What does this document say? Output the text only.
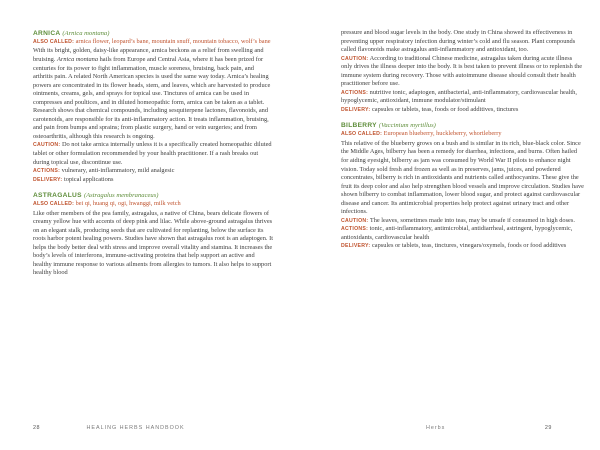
ARNICA (Arnica montana)

ALSO CALLED: arnica flower, leopard’s bane, mountain snuff, mountain tobacco, wolf’s bane

With its bright, golden, daisy-like appearance, arnica beckons as a relief from swelling and bruising. Arnica montana hails from Europe and Central Asia, where it has been prized for centuries for its power to fight inflammation, muscle soreness, bruising, back pain, and arthritis pain. A related North American species is used the same way today. Arnica’s healing powers are concentrated in its flower heads, stem, and leaves, which are harvested to produce ointments, creams, gels, and sprays for topical use. Tinctures of arnica can be used in compresses and poultices, and in diluted homeopathic form, arnica can be taken as a tablet. Research shows that chemical compounds, including sesquiterpene lactones, flavonoids, and carotenoids, are responsible for its anti-inflammatory action. It treats inflammation, bruising, and pain from bumps and sprains; from plastic surgery, hand or vein surgeries; and from osteoarthritis, although this research is ongoing.

CAUTION: Do not take arnica internally unless it is a specifically created homeopathic diluted tablet or other formulation recommended by your health practitioner. If a rash breaks out during topical use, discontinue use.

ACTIONS: vulnerary, anti-inflammatory, mild analgesic

DELIVERY: topical applications

ASTRAGALUS (Astragalus membranaceus)

ALSO CALLED: bei qi, huang qi, ogi, hwanggi, milk vetch

Like other members of the pea family, astragalus, a native of China, bears delicate flowers of creamy yellow hue with accents of deep pink and lilac. While above-ground astragalus thrives on an elegant stalk, producing seeds that are cultivated for replanting, below the surface its roots harbor potent healing powers. Studies have shown that astragalus root is an adaptogen. It helps the body better deal with stress and improve overall vitality and stamina. It increases the body’s levels of interferons, immune-activating proteins that help support an active and healthy immune response to various ailments from allergies to tumors. It also helps to support healthy blood

28	HEALING HERBS HANDBOOK

pressure and blood sugar levels in the body. One study in China showed its effectiveness in preventing upper respiratory infection during winter’s cold and flu season. Plant compounds called flavonoids make astragalus anti-inflammatory and antioxidant, too.

CAUTION: According to traditional Chinese medicine, astragalus taken during acute illness only drives the illness deeper into the body. It is best taken to prevent illness or to replenish the immune system during recovery. Those with autoimmune disease should consult their health practitioner before use.

ACTIONS: nutritive tonic, adaptogen, antibacterial, anti-inflammatory, cardiovascular health, hypoglycemic, antioxidant, immune modulator/stimulant

DELIVERY: capsules or tablets, teas, foods or food additives, tinctures

BILBERRY (Vaccinium myrtillus)

ALSO CALLED: European blueberry, huckleberry, whortleberry

This relative of the blueberry grows on a bush and is similar in its rich, blue-black color. Since the Middle Ages, bilberry has been a remedy for diarrhea, infections, and burns. Often hailed for aiding eyesight, bilberry as jam was consumed by World War II pilots to enhance night vision. Today sold fresh and frozen as well as in preserves, jams, juices, and powdered concentrates, bilberry is rich in antioxidants and nutrients called anthocyanins. These give the fruit its deep color and also help strengthen blood vessels and improve circulation. Studies have shown bilberry to combat inflammation, lower blood sugar, and protect against cardiovascular disease and cancer. Its antimicrobial properties help protect against urinary tract and other infections.

CAUTION: The leaves, sometimes made into teas, may be unsafe if consumed in high doses.

ACTIONS: tonic, anti-inflammatory, antimicrobial, antidiarrheal, astringent, hypoglycemic, antioxidants, cardiovascular health

DELIVERY: capsules or tablets, teas, tinctures, vinegars/oxymels, foods or food additives

Herbs	29
